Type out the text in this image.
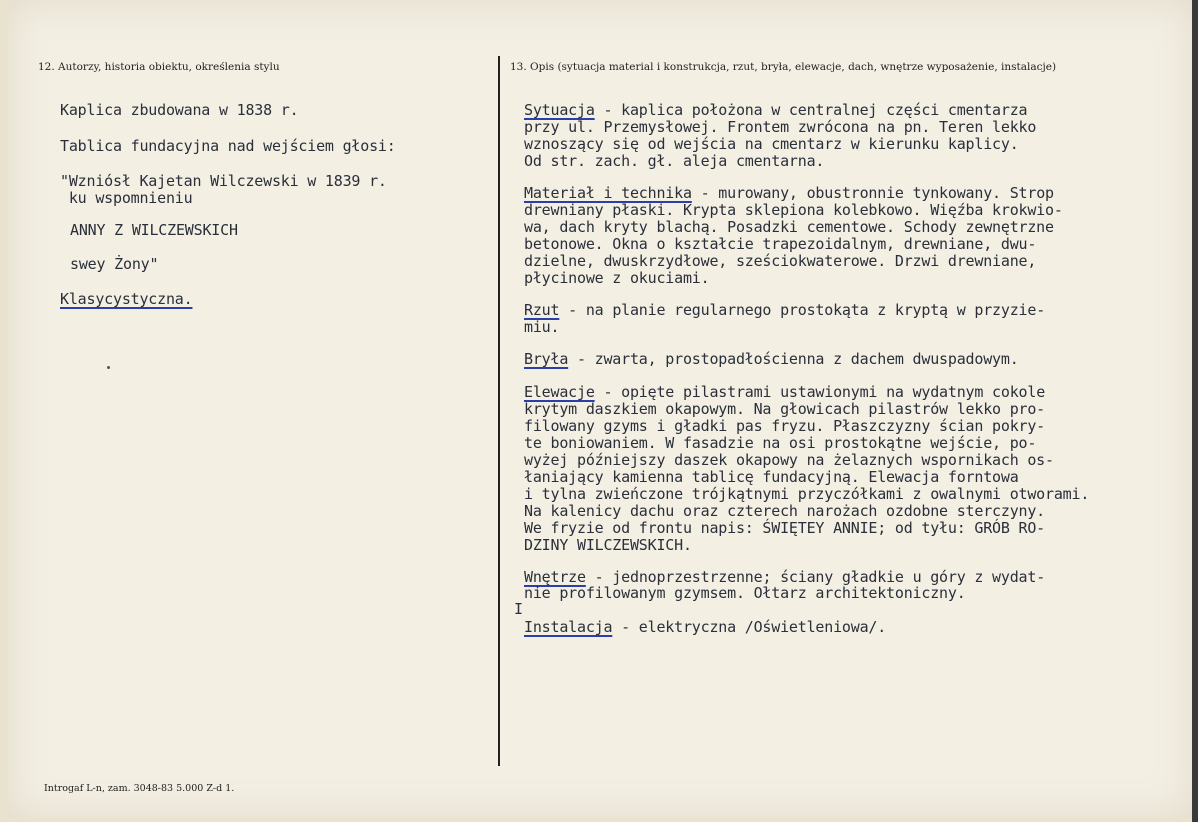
12. Autorzy, historia obiektu, określenia stylu	13. Opis (sytuacja material i konstrukcja, rzut, bryła, elewacje, dach, wnętrze wyposażenie, instalacje)
Kaplica zbudowana w 1838 r.
Tablica fundacyjna nad wejściem głosi:
"Wzniósł Kajetan Wilczewski w 1839 r.
ku wspomnieniu
ANNY Z WILCZEWSKICH
swey Żony"
Klasycystyczna.
Sytuacja - kaplica położona w centralnej części cmentarza
przy ul. Przemysłowej. Frontem zwrócona na pn. Teren lekko
wznoszący się od wejścia na cmentarz w kierunku kaplicy.
Od str. zach. gł. aleja cmentarna.
Materiał i technika - murowany, obustronnie tynkowany. Strop
drewniany płaski. Krypta sklepiona kolebkowo. Więźba krokwio-
wa, dach kryty blachą. Posadzki cementowe. Schody zewnętrzne
betonowe. Okna o kształcie trapezoidalnym, drewniane, dwu-
dzielne, dwuskrzydłowe, sześciokwaterowe. Drzwi drewniane,
płycinowe z okuciami.
Rzut - na planie regularnego prostokąta z kryptą w przyzie-
miu.
Bryła - zwarta, prostopadłościenna z dachem dwuspadowym.
Elewacje - opięte pilastrami ustawionymi na wydatnym cokole
krytym daszkiem okapowym. Na głowicach pilastrów lekko pro-
filowany gzyms i gładki pas fryzu. Płaszczyzny ścian pokry-
te boniowaniem. W fasadzie na osi prostokątne wejście, po-
wyżej późniejszy daszek okapowy na żelaznych wspornikach os-
łaniający kamienna tablicę fundacyjną. Elewacja forntowa
i tylna zwieńczone trójkątnymi przyczółkami z owalnymi otworami.
Na kalenicy dachu oraz czterech narożach ozdobne sterczyny.
We fryzie od frontu napis: ŚWIĘTEY ANNIE; od tyłu: GRÓB RO-
DZINY WILCZEWSKICH.
Wnętrze - jednoprzestrzenne; ściany gładkie u góry z wydat-
nie profilowanym gzymsem. Ołtarz architektoniczny.
I
Instalacja - elektryczna /Oświetleniowa/.
Introgaf L-n, zam. 3048-83 5.000 Z-d 1.
